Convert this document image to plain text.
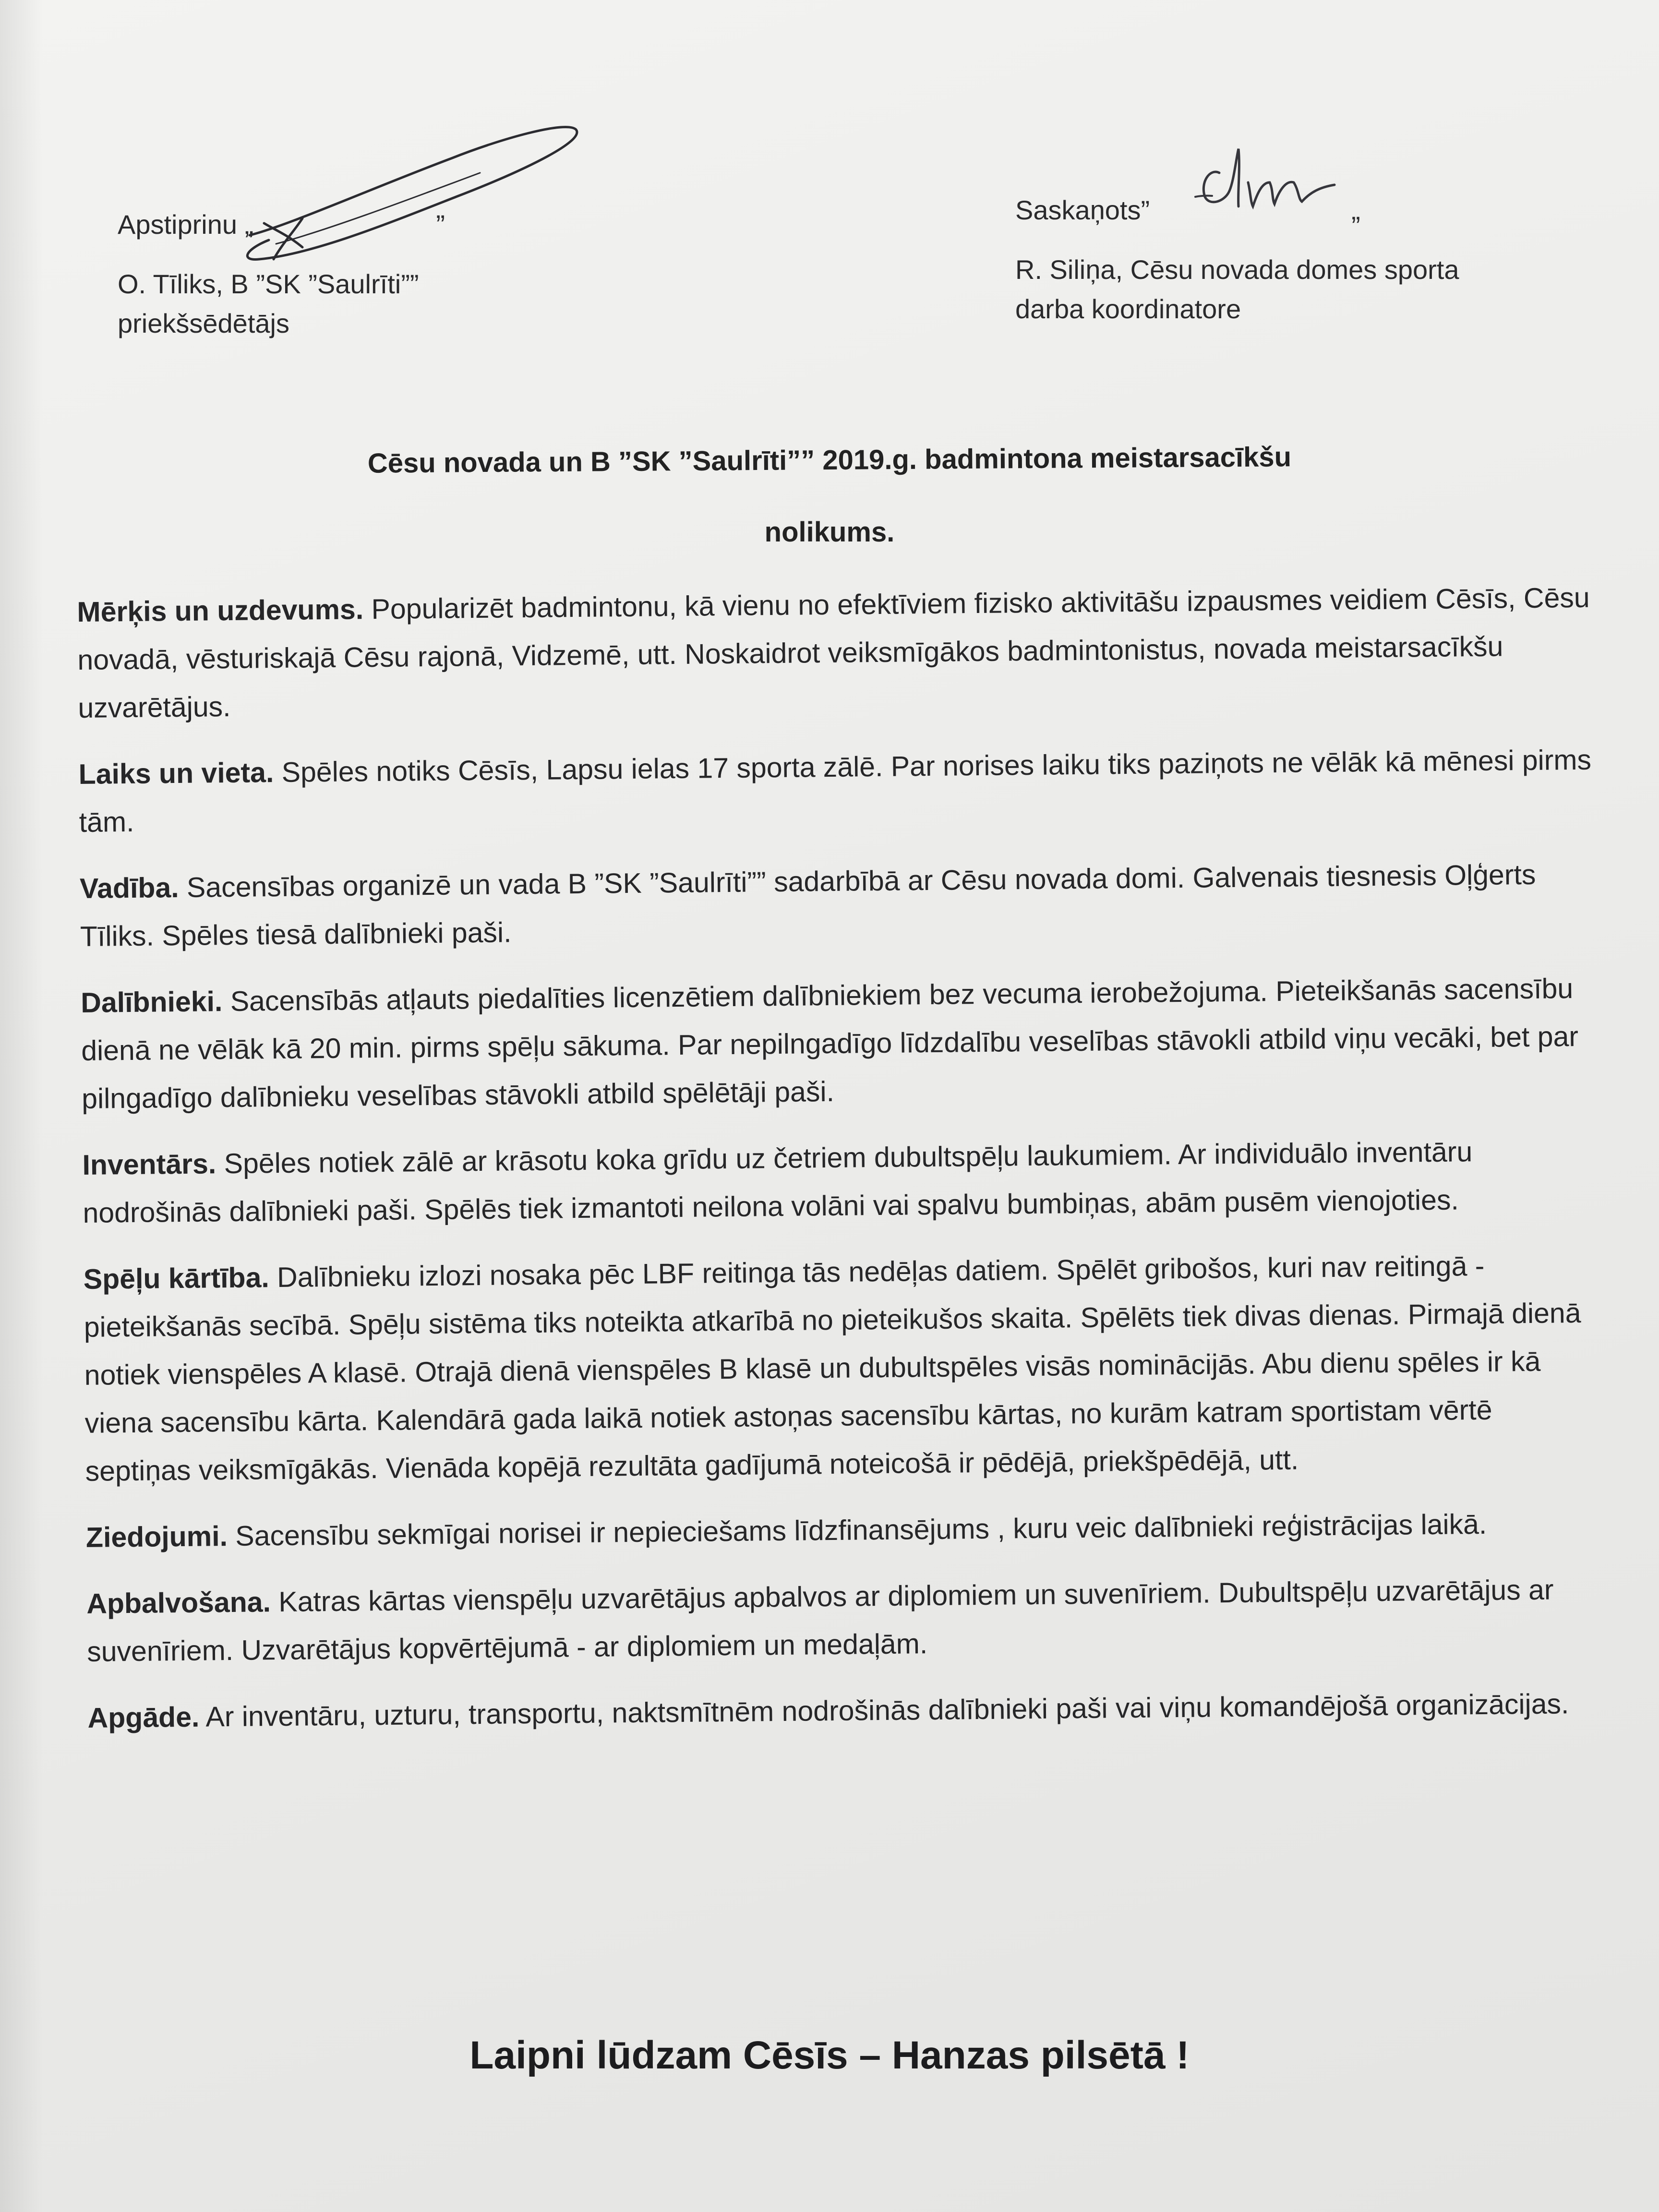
Apstiprinu „	”
O. Tīliks, B ”SK ”Saulrīti””
priekšsēdētājs
Saskaņots”	„
R. Siliņa, Cēsu novada domes sporta
darba koordinatore
Cēsu novada un B ”SK ”Saulrīti”” 2019.g. badmintona meistarsacīkšu
nolikums.

Mērķis un uzdevums. Popularizēt badmintonu, kā vienu no efektīviem fizisko aktivitāšu izpausmes veidiem Cēsīs, Cēsu novadā, vēsturiskajā Cēsu rajonā, Vidzemē, utt. Noskaidrot veiksmīgākos badmintonistus, novada meistarsacīkšu uzvarētājus.

Laiks un vieta. Spēles notiks Cēsīs, Lapsu ielas 17 sporta zālē. Par norises laiku tiks paziņots ne vēlāk kā mēnesi pirms tām.

Vadība. Sacensības organizē un vada B ”SK ”Saulrīti”” sadarbībā ar Cēsu novada domi. Galvenais tiesnesis Oļģerts Tīliks. Spēles tiesā dalībnieki paši.

Dalībnieki. Sacensībās atļauts piedalīties licenzētiem dalībniekiem bez vecuma ierobežojuma. Pieteikšanās sacensību dienā ne vēlāk kā 20 min. pirms spēļu sākuma. Par nepilngadīgo līdzdalību veselības stāvokli atbild viņu vecāki, bet par pilngadīgo dalībnieku veselības stāvokli atbild spēlētāji paši.

Inventārs. Spēles notiek zālē ar krāsotu koka grīdu uz četriem dubultspēļu laukumiem. Ar individuālo inventāru nodrošinās dalībnieki paši. Spēlēs tiek izmantoti neilona volāni vai spalvu bumbiņas, abām pusēm vienojoties.

Spēļu kārtība. Dalībnieku izlozi nosaka pēc LBF reitinga tās nedēļas datiem. Spēlēt gribošos, kuri nav reitingā - pieteikšanās secībā. Spēļu sistēma tiks noteikta atkarībā no pieteikušos skaita. Spēlēts tiek divas dienas. Pirmajā dienā notiek vienspēles A klasē. Otrajā dienā vienspēles B klasē un dubultspēles visās nominācijās. Abu dienu spēles ir kā viena sacensību kārta. Kalendārā gada laikā notiek astoņas sacensību kārtas, no kurām katram sportistam vērtē septiņas veiksmīgākās. Vienāda kopējā rezultāta gadījumā noteicošā ir pēdējā, priekšpēdējā, utt.

Ziedojumi. Sacensību sekmīgai norisei ir nepieciešams līdzfinansējums , kuru veic dalībnieki reģistrācijas laikā.

Apbalvošana. Katras kārtas vienspēļu uzvarētājus apbalvos ar diplomiem un suvenīriem. Dubultspēļu uzvarētājus ar suvenīriem. Uzvarētājus kopvērtējumā - ar diplomiem un medaļām.

Apgāde. Ar inventāru, uzturu, transportu, naktsmītnēm nodrošinās dalībnieki paši vai viņu komandējošā organizācijas.

Laipni lūdzam Cēsīs – Hanzas pilsētā !
